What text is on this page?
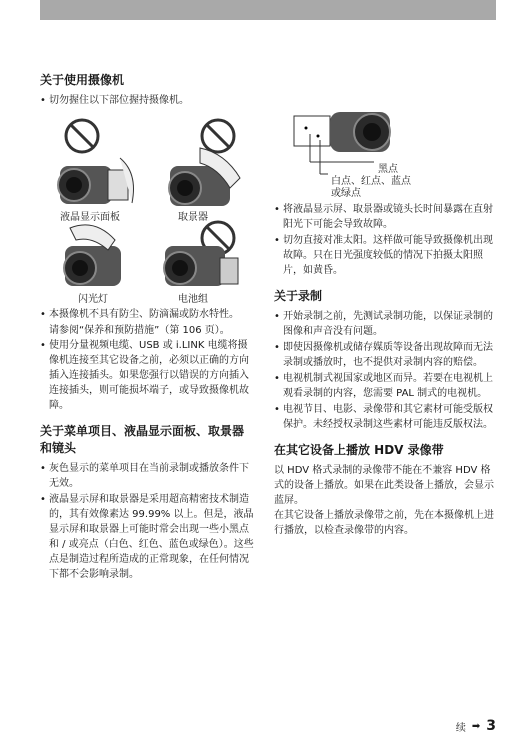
关于使用摄像机
• 切勿握住以下部位握持摄像机。
液晶显示面板	取景器
闪光灯	电池组
• 本摄像机不具有防尘、防滴漏或防水特性。
请参阅“保养和预防措施”（第 106 页）。
• 使用分量视频电缆、USB 或 i.LINK 电缆将摄像机连接至其它设备之前，必须以正确的方向插入连接插头。如果您强行以错误的方向插入连接插头，则可能损坏端子，或导致摄像机故障。
关于菜单项目、液晶显示面板、取景器和镜头
• 灰色显示的菜单项目在当前录制或播放条件下无效。
• 液晶显示屏和取景器是采用超高精密技术制造的，其有效像素达 99.99% 以上。但是，液晶显示屏和取景器上可能时常会出现一些小黑点和 / 或亮点（白色、红色、蓝色或绿色）。这些点是制造过程所造成的正常现象，在任何情况下都不会影响录制。
黑点
白点、红点、蓝点
或绿点
• 将液晶显示屏、取景器或镜头长时间暴露在直射阳光下可能会导致故障。
• 切勿直接对准太阳。这样做可能导致摄像机出现故障。只在日光强度较低的情况下拍摄太阳照片，如黄昏。
关于录制
• 开始录制之前，先测试录制功能，以保证录制的图像和声音没有问题。
• 即使因摄像机或储存媒质等设备出现故障而无法录制或播放时，也不提供对录制内容的赔偿。
• 电视机制式视国家或地区而异。若要在电视机上观看录制的内容，您需要 PAL 制式的电视机。
• 电视节目、电影、录像带和其它素材可能受版权保护。未经授权录制这些素材可能违反版权法。
在其它设备上播放 HDV 录像带

以 HDV 格式录制的录像带不能在不兼容 HDV 格式的设备上播放。如果在此类设备上播放，会显示蓝屏。

在其它设备上播放录像带之前，先在本摄像机上进行播放，以检查录像带的内容。

续 ➡ 3
